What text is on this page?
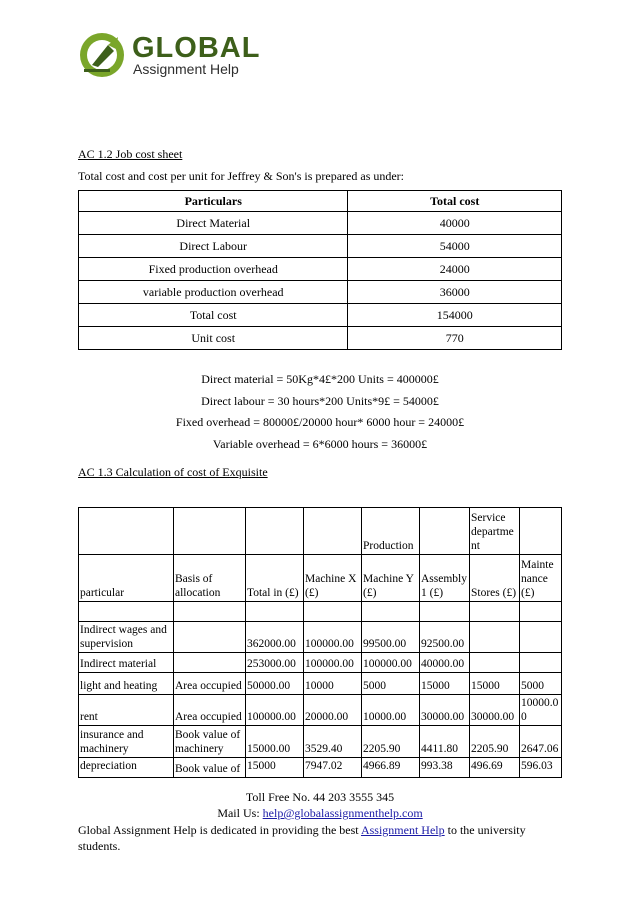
GLOBAL
Assignment Help
AC 1.2 Job cost sheet
Total cost and cost per unit for Jeffrey & Son's is prepared as under:
Particulars	Total cost
Direct Material	40000
Direct Labour	54000
Fixed production overhead	24000
variable production overhead	36000
Total cost	154000
Unit cost	770
Direct material = 50Kg*4£*200 Units = 400000£
Direct labour = 30 hours*200 Units*9£ = 54000£
Fixed overhead = 80000£/20000 hour* 6000 hour = 24000£
Variable overhead = 6*6000 hours = 36000£
AC 1.3 Calculation of cost of Exquisite
				Production		Service departme nt	
particular	Basis of allocation	Total in (£)	Machine X (£)	Machine Y (£)	Assembly 1 (£)	Stores (£)	Mainte nance (£)

Indirect wages and supervision		362000.00	100000.00	99500.00	92500.00		
Indirect material		253000.00	100000.00	100000.00	40000.00		
light and heating	Area occupied	50000.00	10000	5000	15000	15000	5000
rent	Area occupied	100000.00	20000.00	10000.00	30000.00	30000.00	10000.00
insurance and machinery	Book value of machinery	15000.00	3529.40	2205.90	4411.80	2205.90	2647.06
depreciation	Book value of	15000	7947.02	4966.89	993.38	496.69	596.03
Toll Free No. 44 203 3555 345
Mail Us: help@globalassignmenthelp.com
Global Assignment Help is dedicated in providing the best Assignment Help to the university students.
